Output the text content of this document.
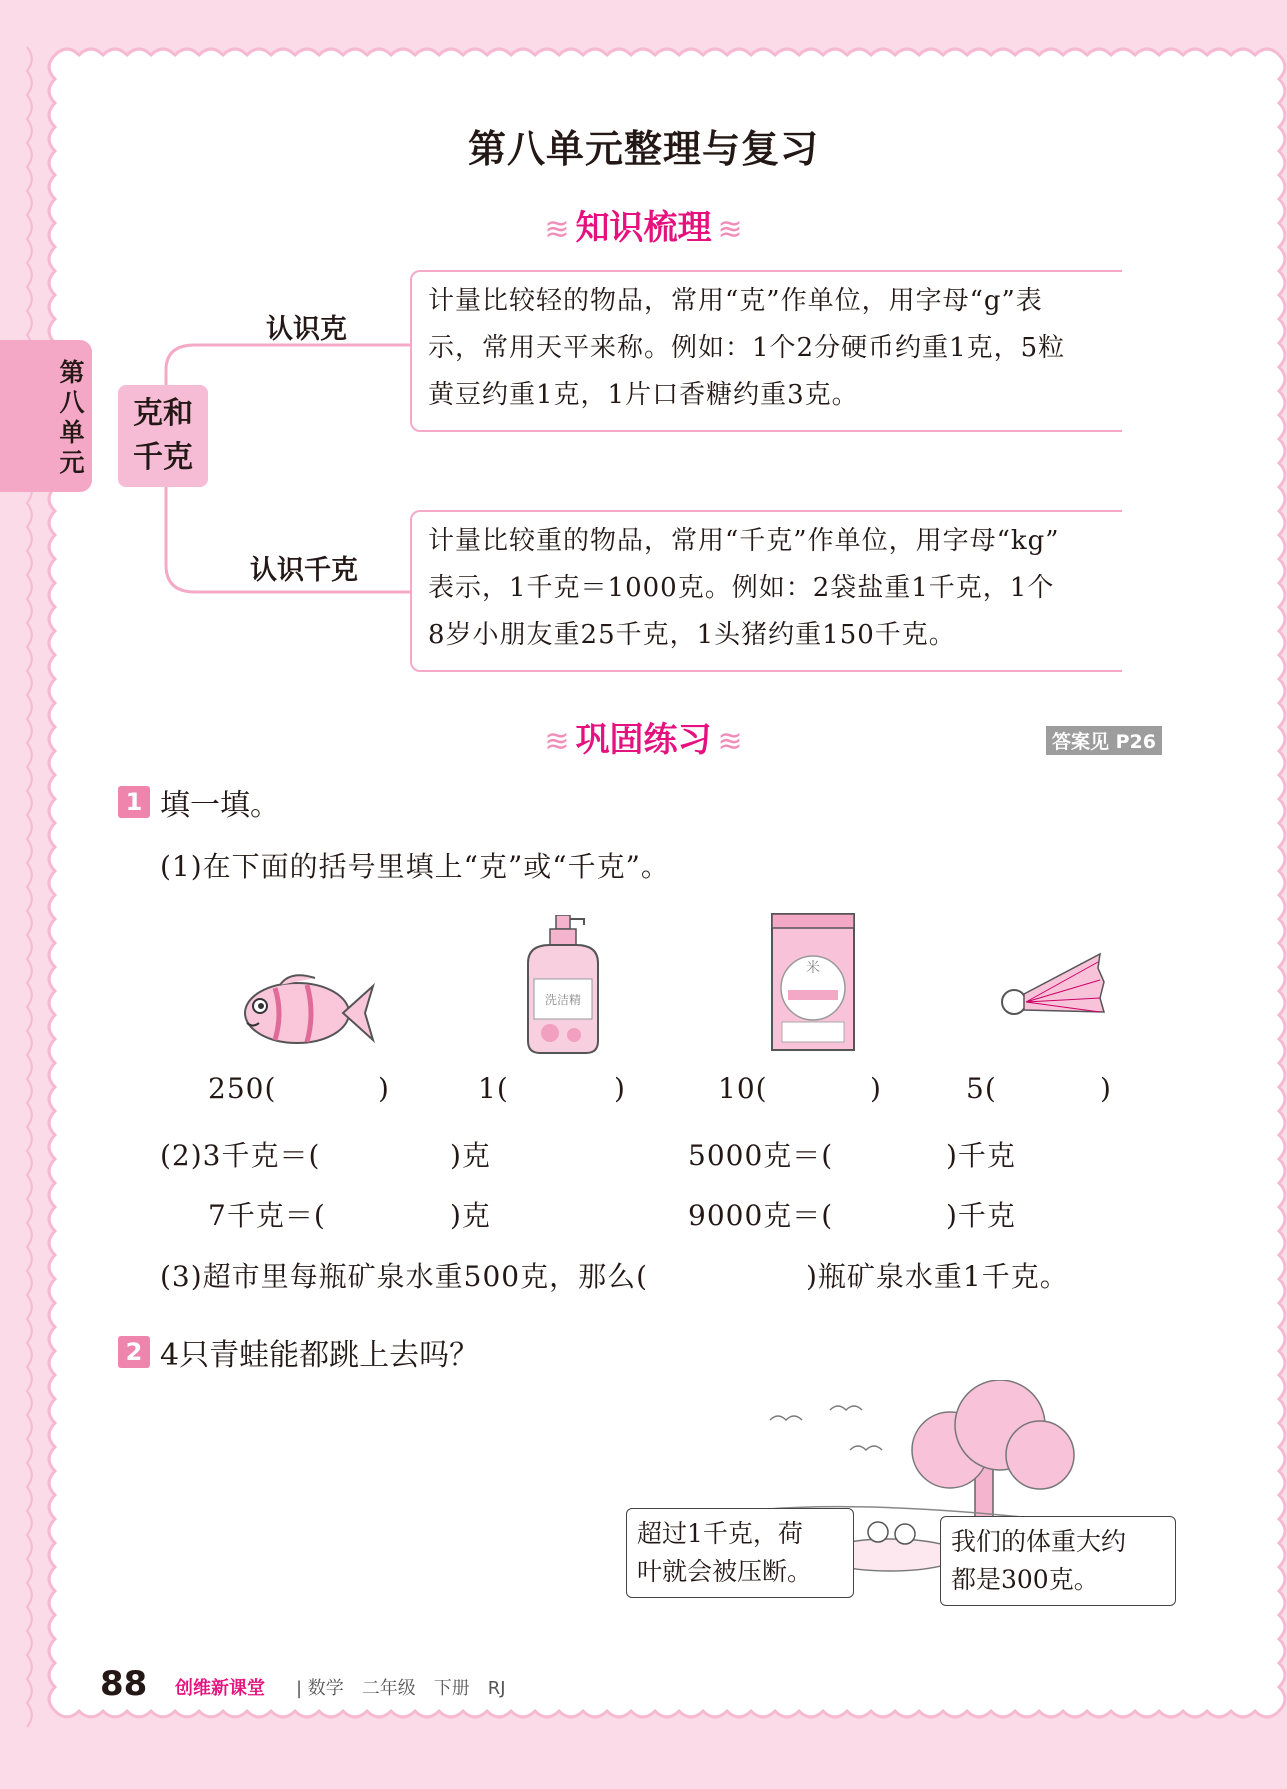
第八单元整理与复习
第
八
单
元
≋ 知识梳理 ≋
克和
千克
认识克
认识千克
计量比较轻的物品，常用“克”作单位，用字母“g”表
示，常用天平来称。例如：1个2分硬币约重1克，5粒
黄豆约重1克，1片口香糖约重3克。
计量比较重的物品，常用“千克”作单位，用字母“kg”
表示，1千克＝1000克。例如：2袋盐重1千克，1个
8岁小朋友重25千克，1头猪约重150千克。
≋ 巩固练习 ≋	答案见 P26
1 填一填。
(1)在下面的括号里填上“克”或“千克”。
洗洁精
米
250(	)	1(	)	10(	)	5(	)
(2)3千克＝(	)克	5000克＝(	)千克
7千克＝(	)克	9000克＝(	)千克
(3)超市里每瓶矿泉水重500克，那么(	)瓶矿泉水重1千克。
2 4只青蛙能都跳上去吗？
超过1千克，荷
叶就会被压断。
我们的体重大约
都是300克。
88 创维新课堂 | 数学　二年级　下册　RJ
